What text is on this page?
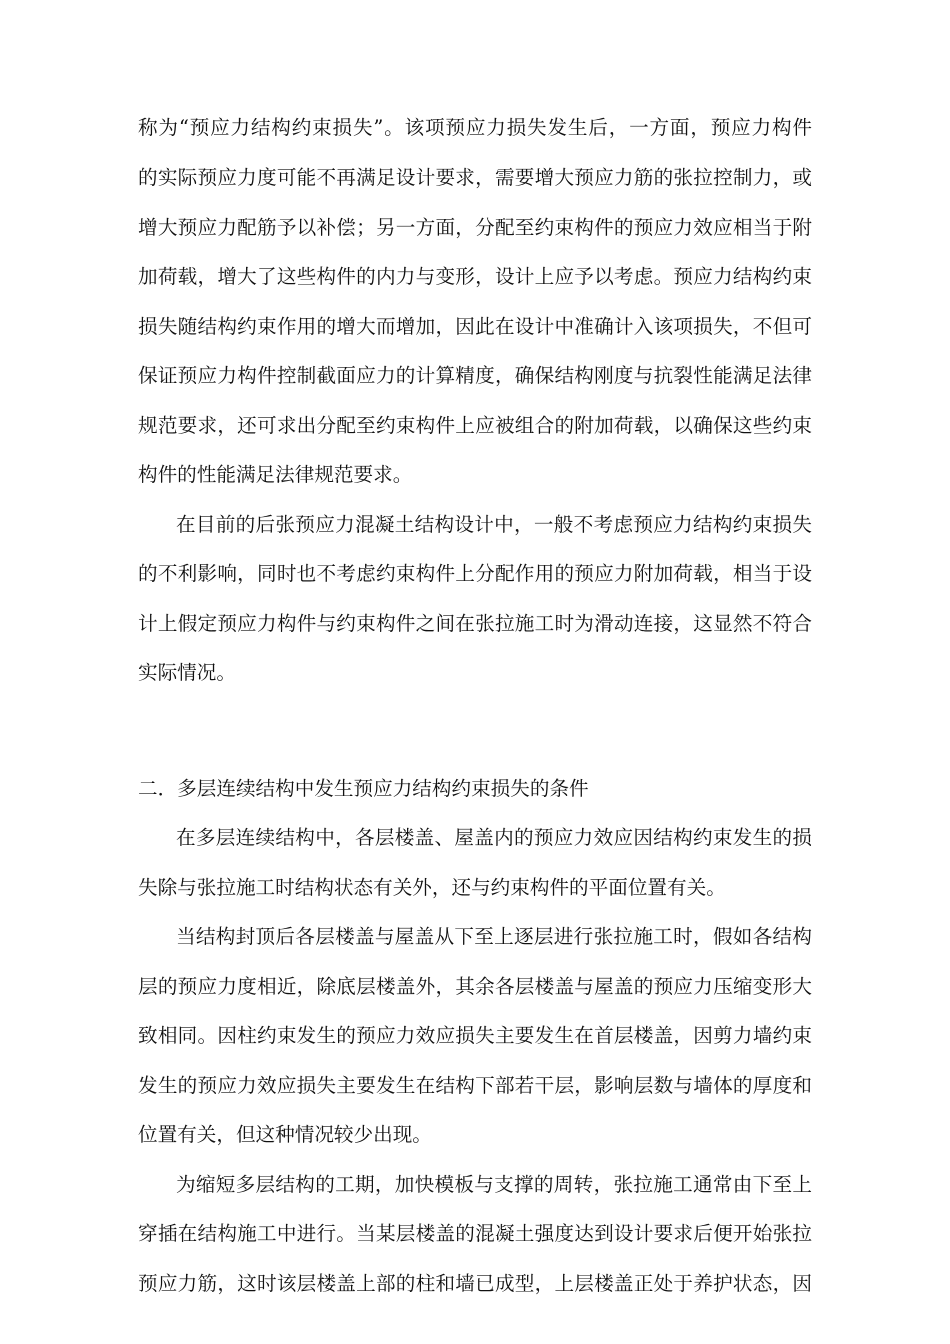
称为“预应力结构约束损失”。该项预应力损失发生后，一方面，预应力构件
的实际预应力度可能不再满足设计要求，需要增大预应力筋的张拉控制力，或
增大预应力配筋予以补偿；另一方面，分配至约束构件的预应力效应相当于附
加荷载，增大了这些构件的内力与变形，设计上应予以考虑。预应力结构约束
损失随结构约束作用的增大而增加，因此在设计中准确计入该项损失，不但可
保证预应力构件控制截面应力的计算精度，确保结构刚度与抗裂性能满足法律
规范要求，还可求出分配至约束构件上应被组合的附加荷载，以确保这些约束
构件的性能满足法律规范要求。
在目前的后张预应力混凝土结构设计中，一般不考虑预应力结构约束损失
的不利影响，同时也不考虑约束构件上分配作用的预应力附加荷载，相当于设
计上假定预应力构件与约束构件之间在张拉施工时为滑动连接，这显然不符合
实际情况。
二．多层连续结构中发生预应力结构约束损失的条件
在多层连续结构中，各层楼盖、屋盖内的预应力效应因结构约束发生的损
失除与张拉施工时结构状态有关外，还与约束构件的平面位置有关。
当结构封顶后各层楼盖与屋盖从下至上逐层进行张拉施工时，假如各结构
层的预应力度相近，除底层楼盖外，其余各层楼盖与屋盖的预应力压缩变形大
致相同。因柱约束发生的预应力效应损失主要发生在首层楼盖，因剪力墙约束
发生的预应力效应损失主要发生在结构下部若干层，影响层数与墙体的厚度和
位置有关，但这种情况较少出现。
为缩短多层结构的工期，加快模板与支撑的周转，张拉施工通常由下至上
穿插在结构施工中进行。当某层楼盖的混凝土强度达到设计要求后便开始张拉
预应力筋，这时该层楼盖上部的柱和墙已成型，上层楼盖正处于养护状态，因
